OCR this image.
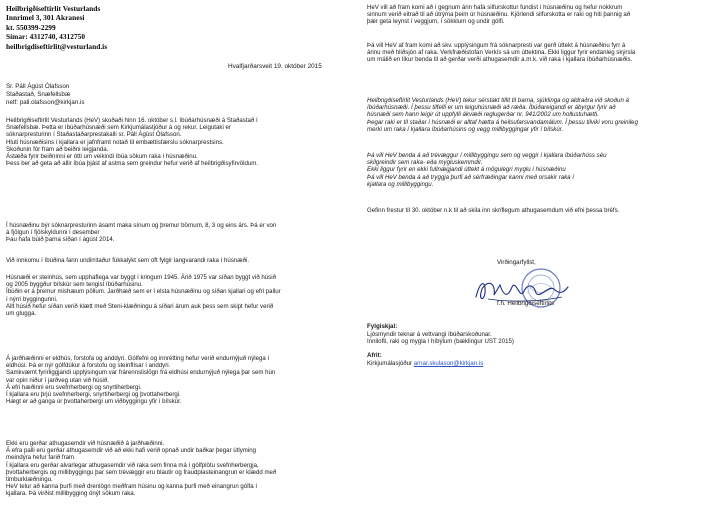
Heilbrigðiseftirlit Vesturlands
Innrimel 3, 301 Akranesi
kt. 550399-2299
Símar: 4312740, 4312750
heilbrigdiseftirlit@vesturland.is
Hvalfjarðarsveit 19. október 2015
Sr. Páll Ágúst Ólafsson
Staðastað, Snæfellsbæ
netf: pall.olafsson@kirkjan.is

Heilbrigðiseftirlit Vesturlands (HeV) skoðaði hinn 16. október s.l. íbúðarhúsnæði á Staðastað í
Snæfellsbæ. Þetta er íbúðarhúsnæði sem Kirkjumálastjóður á og rekur. Leigutaki er
sóknarpresturinn í Staðastaðarprestakalli sr. Páll Ágúst Ólafsson.
Hluti húsnæðisins í kjallara er jafnframt notað til embættisfærslu sóknarprestsins.
Skoðunin fór fram að beiðni leigjanda.
Ástæða fyrir beiðninni er ótti um veikindi íbúa sökum raka í húsnæðinu.
Þess ber að geta að allir íbúa þjást af astma sem greindur hefur verið af heilbrigðisyfirvöldum.

Í húsnæðinu býr sóknarpresturinn ásamt maka sínum og þremur börnum, 8, 3 og eins árs. Þá er von
á fjölgun í fjölskyldunni í desember
Þau hafa búið þarna síðan í ágúst 2014.

Við innkomu í íbúðina fann undirritaður fúkkalykt sem oft fylgir langvarandi raka í húsnæði.

Húsnæði er steinhús, sem upphaflega var byggt í kringum 1945. Árið 1975 var síðan byggt við húsið
og 2005 byggður bílskúr sem tengist íbúðarhúsinu.
Íbúðin er á þremur mishæum pöllum. Jarðhæð sem er í elsta húsnæðinu og síðan kjallari og efri pallur
í nýrri byggingunni.
Allt húsið hefur síðan verið klætt með Steni-klæðningu á síðari árum auk þess sem skipt hefur verið
um glugga.

Á jarðhæðinni er eldhús, forstofa og anddyri. Gólfefni og innrétting hefur verið endurnýjuð nýlega í
eldhúsi. Þá er nýr gólfdúkur á forstofu og steinflísar í anddyri.
Samkvæmt fyrirliggjandi upplýsingum var frárennslislögn frá eldhúsi endurnýjuð nýlega þar sem hún
var opin niður í jarðveg utan við húsið.
Á efri hæðinni eru svefnherbergi og snyrtiherbergi.
Í kjallara eru þrjú svefnherbergi, snyrtiherbergi og þvottaherbergi.
Hægt er að ganga úr þvottaherbergi um viðbyggingu yfir í bílskúr.

Ekki eru gerðar athugasemdir við húsnæðið á jarðhæðinni.
Á efra palli eru gerðar athugasemdir við að ekki hafi verið opnað undir baðkar þegar útlyming
meindýra hefur farið fram.
Í kjallara eru gerðar alvarlegar athugasemdir við raka sem finna má í gólfplötu svefnherbergja,
þvottaherbergis og millibyggingu þar sem trévæggir eru blautir og fraudplasteinangrun er klædd með
timburklæðningu.
HeV telur að kanna þurfi með drenlögn meðfram húsinu og kanna þurfi með einangrun gólfa í
kjallara. Þá virðist millibygging ónýt sökum raka.

HeV vill að fram komi að í gegnum árin hafa silfurskottur fundist í húsnæðinu og hefur nokkrum
sinnum verið eitrað til að útrýma þeim úr húsnæðinu. Kjörlendi silfurskotta er raki og hiti þannig að
þær geta leynst í veggjum, í sökklum og undir gólfi.

Þá vill HeV af fram komi að skv. upplýsingum frá sóknarpresti var gerð úttekt á húsnæðinu fyrr á
árinu með hliðsjón af raka. Verkfræðistofan Verkís sá um úttektina. Ekki liggur fyrir endanleg skýrsla
um málið en líkur benda til að gerðar verði athugasemdir a.m.k. við raka í kjallara íbúðarhúsnæðis.

Heilbrigðiseftirlit Vesturlands (HeV) tekur sérstakt tillit til barna, sjúklinga og aldraðra við skoðun á
íbúðarhúsnæði. Í þessu tilfelli er um leiguhúsnæði að ræða. Íbúðareigandi er ábyrgur fyrir að
húsnæði sem hann leigir út uppfylli ákvæði reglugerðar nr. 941/2002 um hollustuhætti.
Þegar raki er til staðar í húsnæði er alltaf hætta á heilsufarsvandamálum. Í þessu tilviki voru greinileg
merki um raka í kjallara íbúðarhúsins og vegg millibyggingar yfir í bílskúr.

Þá vill HeV benda á að trévæggur í millibyggingu sem og veggir í kjallara íbúðarhúss séu
skilgreindir sem raka- eða mygluskemmdir.
Ekki liggur fyrir en ekki fullnægjandi úttekt á mögulegri myglu í húsnæðinu
Þá vill HeV benda á að tryggja þurfi að sérfræðingar kanni með orsakir raka í
kjallara og millibyggingu.

Gefinn frestur til 30. október n.k til að skila inn skriflegum athugasemdum við efni þessa bréfs.

Virðingarfyllst,
f.h. Heilbrigðiseftirlits
Fylgiskjal:
Ljósmyndir teknar á vettvangi íbúðarskoðunar.
Innilofti, raki og mygla í híbýlum (bæklingur UST 2015)
Afrit:
Kirkjumálasjóður arnar.skulason@kirkjan.is
